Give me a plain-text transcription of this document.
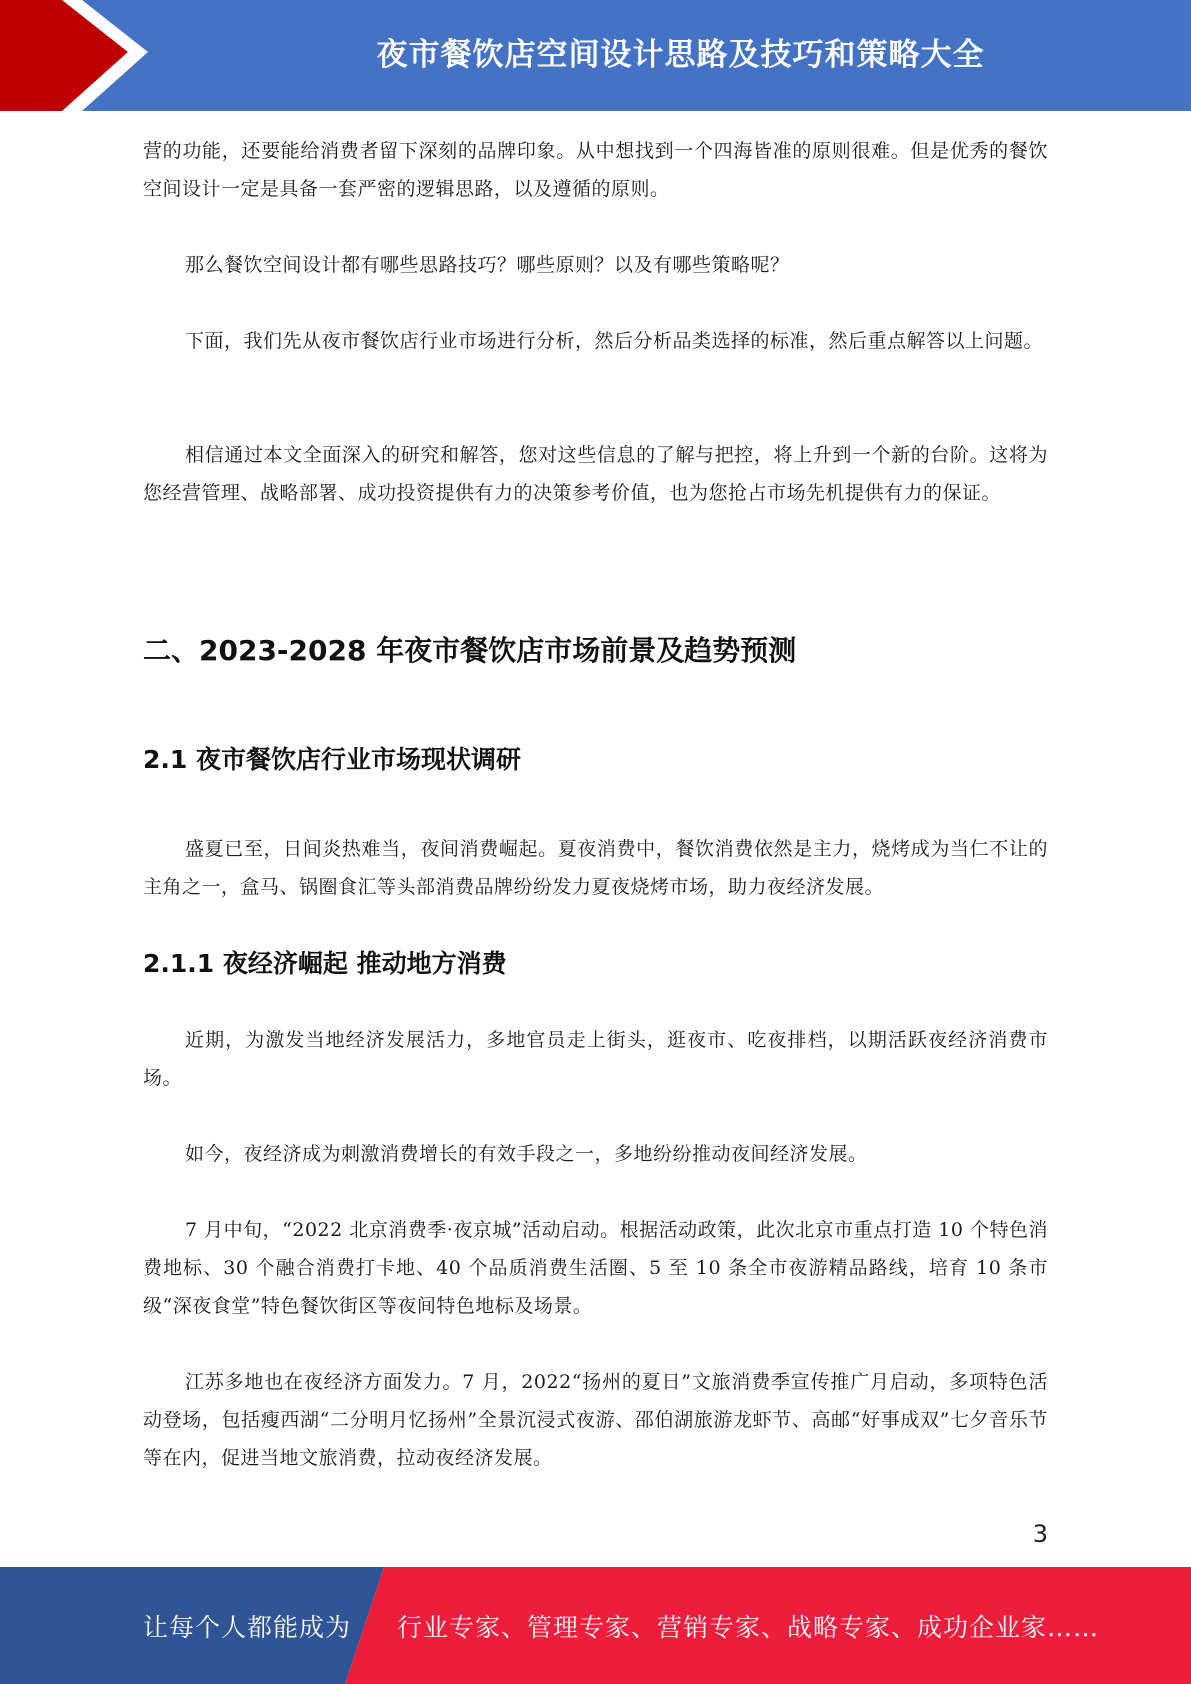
夜市餐饮店空间设计思路及技巧和策略大全

营的功能，还要能给消费者留下深刻的品牌印象。从中想找到一个四海皆准的原则很难。但是优秀的餐饮空间设计一定是具备一套严密的逻辑思路，以及遵循的原则。

那么餐饮空间设计都有哪些思路技巧？哪些原则？以及有哪些策略呢？

下面，我们先从夜市餐饮店行业市场进行分析，然后分析品类选择的标准，然后重点解答以上问题。

相信通过本文全面深入的研究和解答，您对这些信息的了解与把控，将上升到一个新的台阶。这将为您经营管理、战略部署、成功投资提供有力的决策参考价值，也为您抢占市场先机提供有力的保证。

二、2023-2028 年夜市餐饮店市场前景及趋势预测
2.1 夜市餐饮店行业市场现状调研

盛夏已至，日间炎热难当，夜间消费崛起。夏夜消费中，餐饮消费依然是主力，烧烤成为当仁不让的主角之一，盒马、锅圈食汇等头部消费品牌纷纷发力夏夜烧烤市场，助力夜经济发展。

2.1.1 夜经济崛起 推动地方消费

近期，为激发当地经济发展活力，多地官员走上街头，逛夜市、吃夜排档，以期活跃夜经济消费市场。

如今，夜经济成为刺激消费增长的有效手段之一，多地纷纷推动夜间经济发展。

7 月中旬，“2022 北京消费季·夜京城”活动启动。根据活动政策，此次北京市重点打造 10 个特色消费地标、30 个融合消费打卡地、40 个品质消费生活圈、5 至 10 条全市夜游精品路线，培育 10 条市级“深夜食堂”特色餐饮街区等夜间特色地标及场景。

江苏多地也在夜经济方面发力。7 月，2022“扬州的夏日”文旅消费季宣传推广月启动，多项特色活动登场，包括瘦西湖“二分明月忆扬州”全景沉浸式夜游、邵伯湖旅游龙虾节、高邮“好事成双”七夕音乐节等在内，促进当地文旅消费，拉动夜经济发展。

3
让每个人都能成为 行业专家、管理专家、营销专家、战略专家、成功企业家……
